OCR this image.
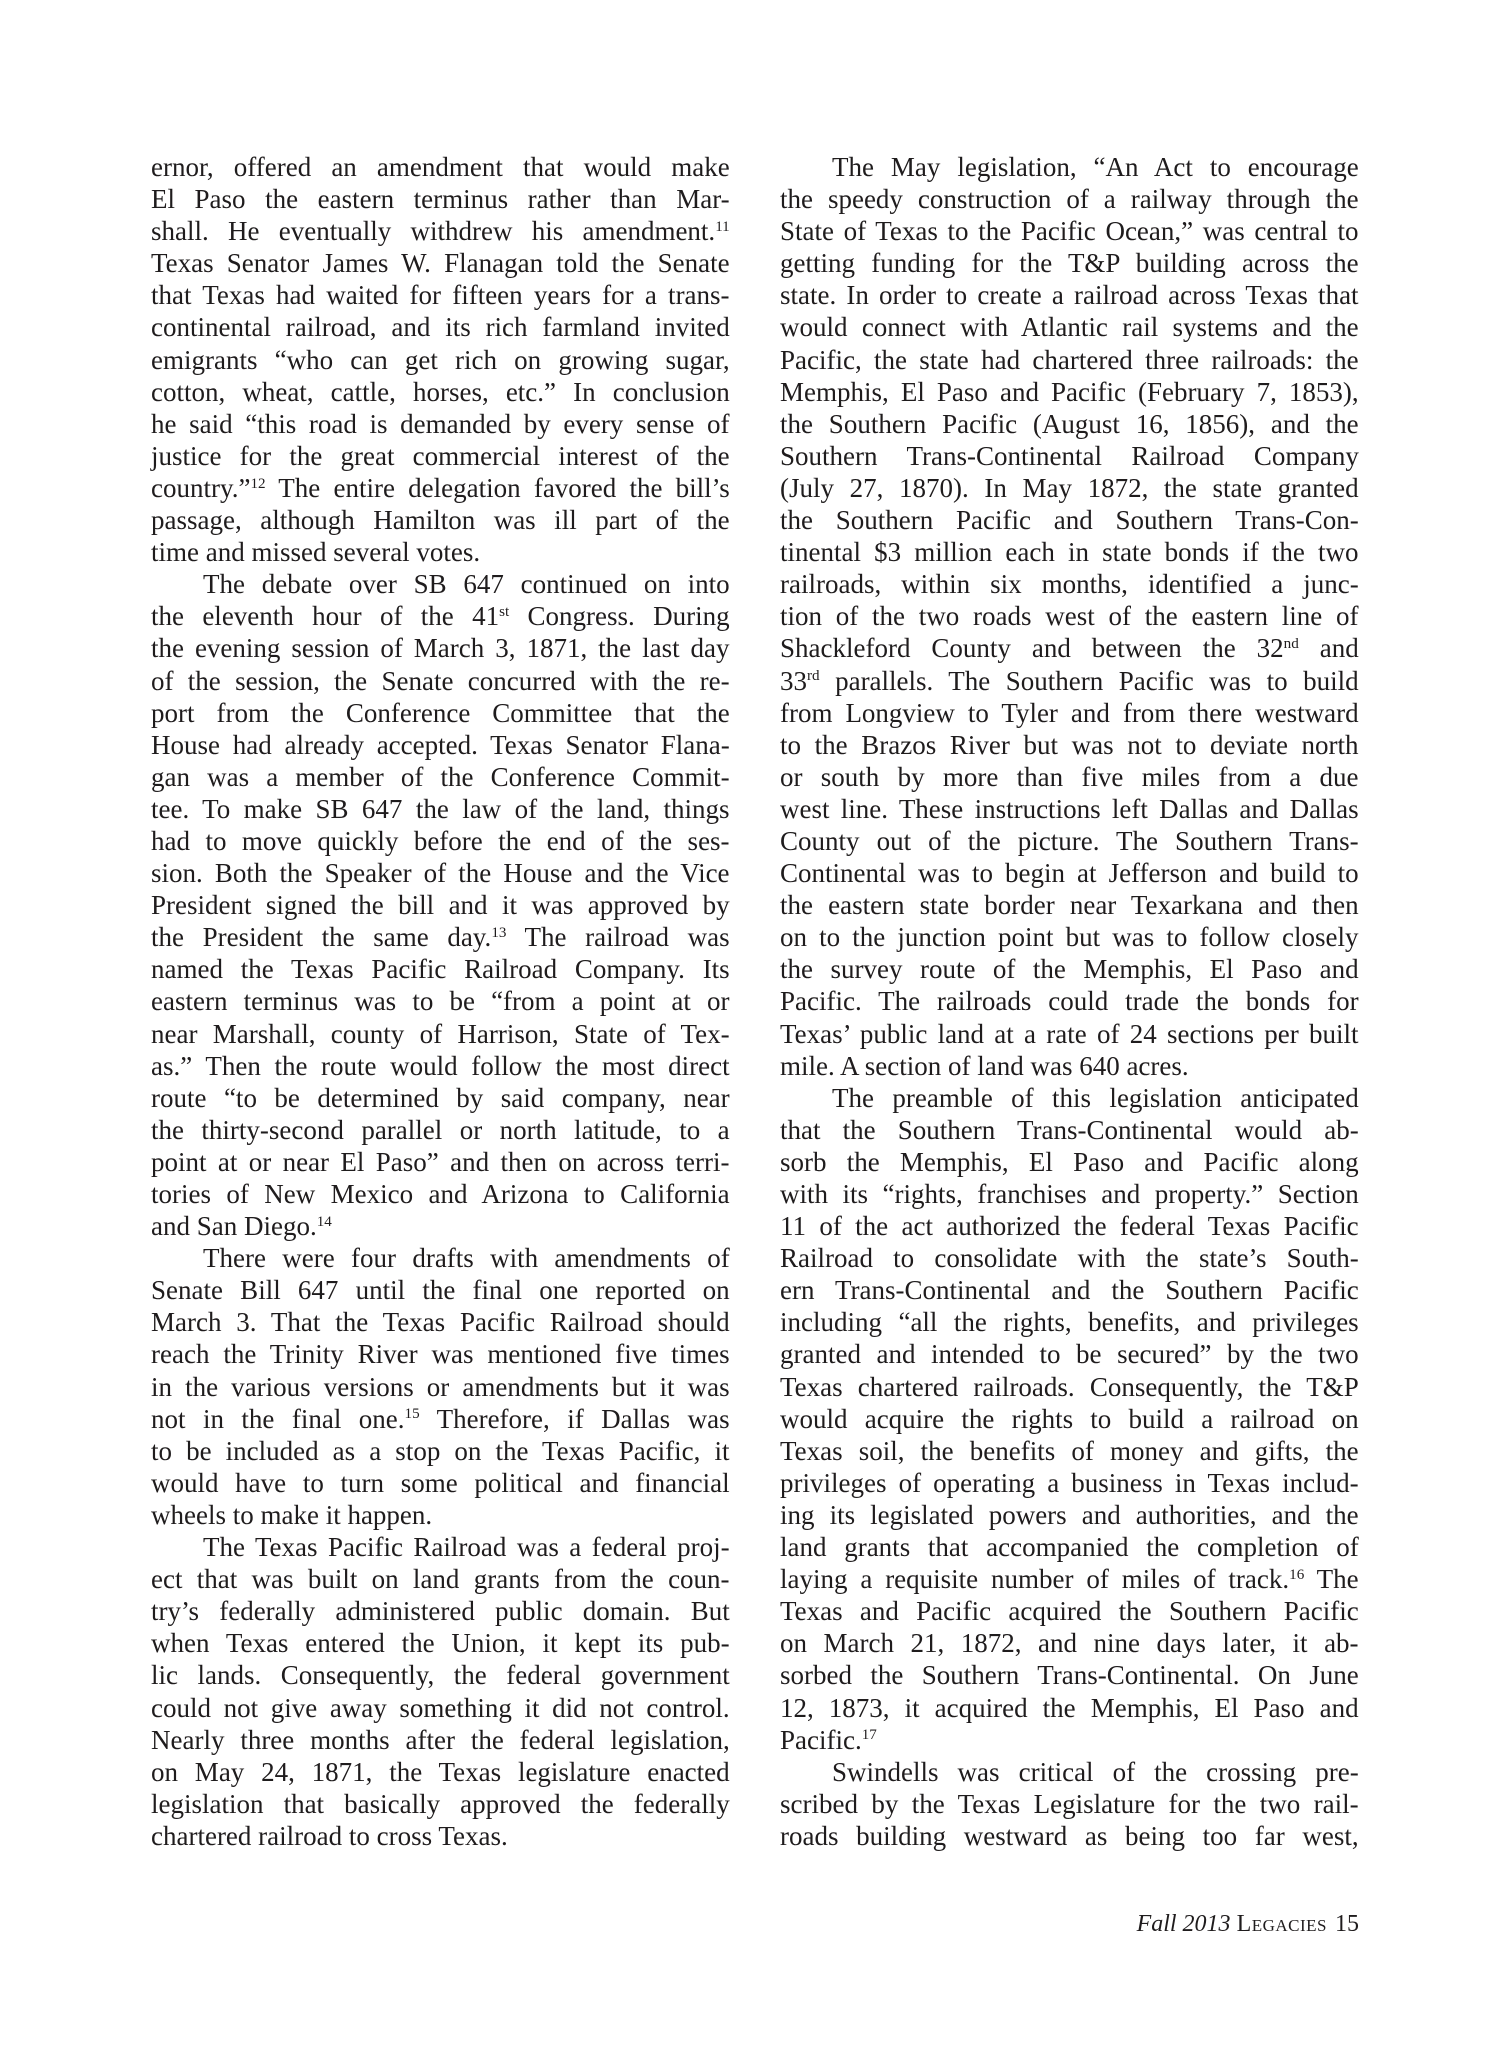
ernor, offered an amendment that would make
El Paso the eastern terminus rather than Mar-
shall. He eventually withdrew his amendment.$^{11}$
Texas Senator James W. Flanagan told the Senate
that Texas had waited for fifteen years for a trans-
continental railroad, and its rich farmland invited
emigrants “who can get rich on growing sugar,
cotton, wheat, cattle, horses, etc.” In conclusion
he said “this road is demanded by every sense of
justice for the great commercial interest of the
country.”$^{12}$ The entire delegation favored the bill’s
passage, although Hamilton was ill part of the
time and missed several votes.
The debate over SB 647 continued on into
the eleventh hour of the 41st Congress. During
the evening session of March 3, 1871, the last day
of the session, the Senate concurred with the re-
port from the Conference Committee that the
House had already accepted. Texas Senator Flana-
gan was a member of the Conference Commit-
tee. To make SB 647 the law of the land, things
had to move quickly before the end of the ses-
sion. Both the Speaker of the House and the Vice
President signed the bill and it was approved by
the President the same day.$^{13}$ The railroad was
named the Texas Pacific Railroad Company. Its
eastern terminus was to be “from a point at or
near Marshall, county of Harrison, State of Tex-
as.” Then the route would follow the most direct
route “to be determined by said company, near
the thirty-second parallel or north latitude, to a
point at or near El Paso” and then on across terri-
tories of New Mexico and Arizona to California
and San Diego.$^{14}$
There were four drafts with amendments of
Senate Bill 647 until the final one reported on
March 3. That the Texas Pacific Railroad should
reach the Trinity River was mentioned five times
in the various versions or amendments but it was
not in the final one.$^{15}$ Therefore, if Dallas was
to be included as a stop on the Texas Pacific, it
would have to turn some political and financial
wheels to make it happen.
The Texas Pacific Railroad was a federal proj-
ect that was built on land grants from the coun-
try’s federally administered public domain. But
when Texas entered the Union, it kept its pub-
lic lands. Consequently, the federal government
could not give away something it did not control.
Nearly three months after the federal legislation,
on May 24, 1871, the Texas legislature enacted
legislation that basically approved the federally
chartered railroad to cross Texas.
The May legislation, “An Act to encourage
the speedy construction of a railway through the
State of Texas to the Pacific Ocean,” was central to
getting funding for the T&P building across the
state. In order to create a railroad across Texas that
would connect with Atlantic rail systems and the
Pacific, the state had chartered three railroads: the
Memphis, El Paso and Pacific (February 7, 1853),
the Southern Pacific (August 16, 1856), and the
Southern Trans-Continental Railroad Company
(July 27, 1870). In May 1872, the state granted
the Southern Pacific and Southern Trans-Con-
tinental $3 million each in state bonds if the two
railroads, within six months, identified a junc-
tion of the two roads west of the eastern line of
Shackleford County and between the 32nd and
33rd parallels. The Southern Pacific was to build
from Longview to Tyler and from there westward
to the Brazos River but was not to deviate north
or south by more than five miles from a due
west line. These instructions left Dallas and Dallas
County out of the picture. The Southern Trans-
Continental was to begin at Jefferson and build to
the eastern state border near Texarkana and then
on to the junction point but was to follow closely
the survey route of the Memphis, El Paso and
Pacific. The railroads could trade the bonds for
Texas’ public land at a rate of 24 sections per built
mile. A section of land was 640 acres.
The preamble of this legislation anticipated
that the Southern Trans-Continental would ab-
sorb the Memphis, El Paso and Pacific along
with its “rights, franchises and property.” Section
11 of the act authorized the federal Texas Pacific
Railroad to consolidate with the state’s South-
ern Trans-Continental and the Southern Pacific
including “all the rights, benefits, and privileges
granted and intended to be secured” by the two
Texas chartered railroads. Consequently, the T&P
would acquire the rights to build a railroad on
Texas soil, the benefits of money and gifts, the
privileges of operating a business in Texas includ-
ing its legislated powers and authorities, and the
land grants that accompanied the completion of
laying a requisite number of miles of track.$^{16}$ The
Texas and Pacific acquired the Southern Pacific
on March 21, 1872, and nine days later, it ab-
sorbed the Southern Trans-Continental. On June
12, 1873, it acquired the Memphis, El Paso and
Pacific.$^{17}$
Swindells was critical of the crossing pre-
scribed by the Texas Legislature for the two rail-
roads building westward as being too far west,
Fall 2013 Legacies 15
